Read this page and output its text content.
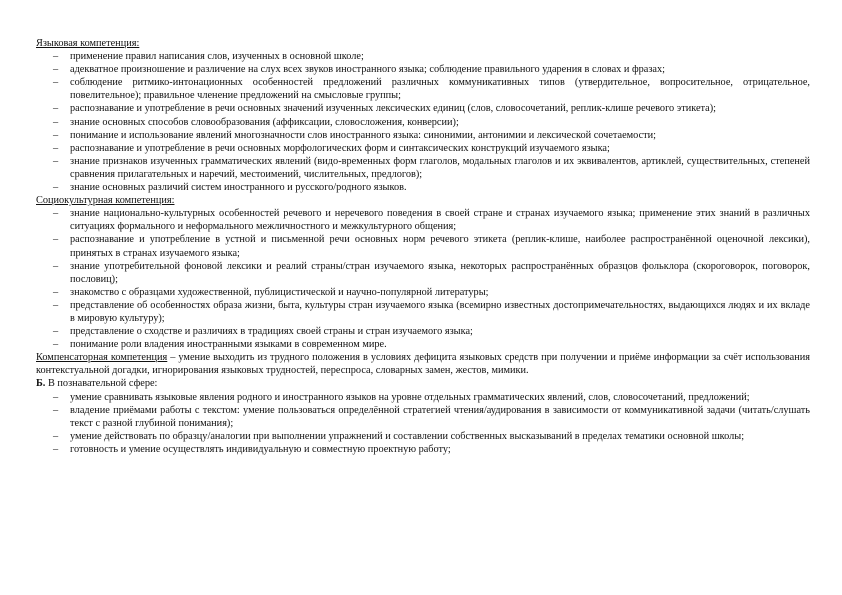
Языковая компетенция:
– применение правил написания слов, изученных в основной школе;
– адекватное произношение и различение на слух всех звуков иностранного языка; соблюдение правильного ударения в словах и фразах;
– соблюдение ритмико-интонационных особенностей предложений различных коммуникативных типов (утвердительное, вопросительное, отрицательное, повелительное); правильное членение предложений на смысловые группы;
– распознавание и употребление в речи основных значений изученных лексических единиц (слов, словосочетаний, реплик-клише речевого этикета);
– знание основных способов словообразования (аффиксации, словосложения, конверсии);
– понимание и использование явлений многозначности слов иностранного языка: синонимии, антонимии и лексической сочетаемости;
– распознавание и употребление в речи основных морфологических форм и синтаксических конструкций изучаемого языка;
– знание признаков изученных грамматических явлений (видо-временных форм глаголов, модальных глаголов и их эквивалентов, артиклей, существительных, степеней сравнения прилагательных и наречий, местоимений, числительных, предлогов);
– знание основных различий систем иностранного и русского/родного языков.
Социокультурная компетенция:
– знание национально-культурных особенностей речевого и неречевого поведения в своей стране и странах изучаемого языка; применение этих знаний в различных ситуациях формального и неформального межличностного и межкультурного общения;
– распознавание и употребление в устной и письменной речи основных норм речевого этикета (реплик-клише, наиболее распространённой оценочной лексики), принятых в странах изучаемого языка;
– знание употребительной фоновой лексики и реалий страны/стран изучаемого языка, некоторых распространённых образцов фольклора (скороговорок, поговорок, пословиц);
– знакомство с образцами художественной, публицистической и научно-популярной литературы;
– представление об особенностях образа жизни, быта, культуры стран изучаемого языка (всемирно известных достопримечательностях, выдающихся людях и их вкладе в мировую культуру);
– представление о сходстве и различиях в традициях своей страны и стран изучаемого языка;
– понимание роли владения иностранными языками в современном мире.
Компенсаторная компетенция – умение выходить из трудного положения в условиях дефицита языковых средств при получении и приёме информации за счёт использования контекстуальной догадки, игнорирования языковых трудностей, переспроса, словарных замен, жестов, мимики.
Б. В познавательной сфере:
– умение сравнивать языковые явления родного и иностранного языков на уровне отдельных грамматических явлений, слов, словосочетаний, предложений;
– владение приёмами работы с текстом: умение пользоваться определённой стратегией чтения/аудирования в зависимости от коммуникативной задачи (читать/слушать текст с разной глубиной понимания);
– умение действовать по образцу/аналогии при выполнении упражнений и составлении собственных высказываний в пределах тематики основной школы;
– готовность и умение осуществлять индивидуальную и совместную проектную работу;
